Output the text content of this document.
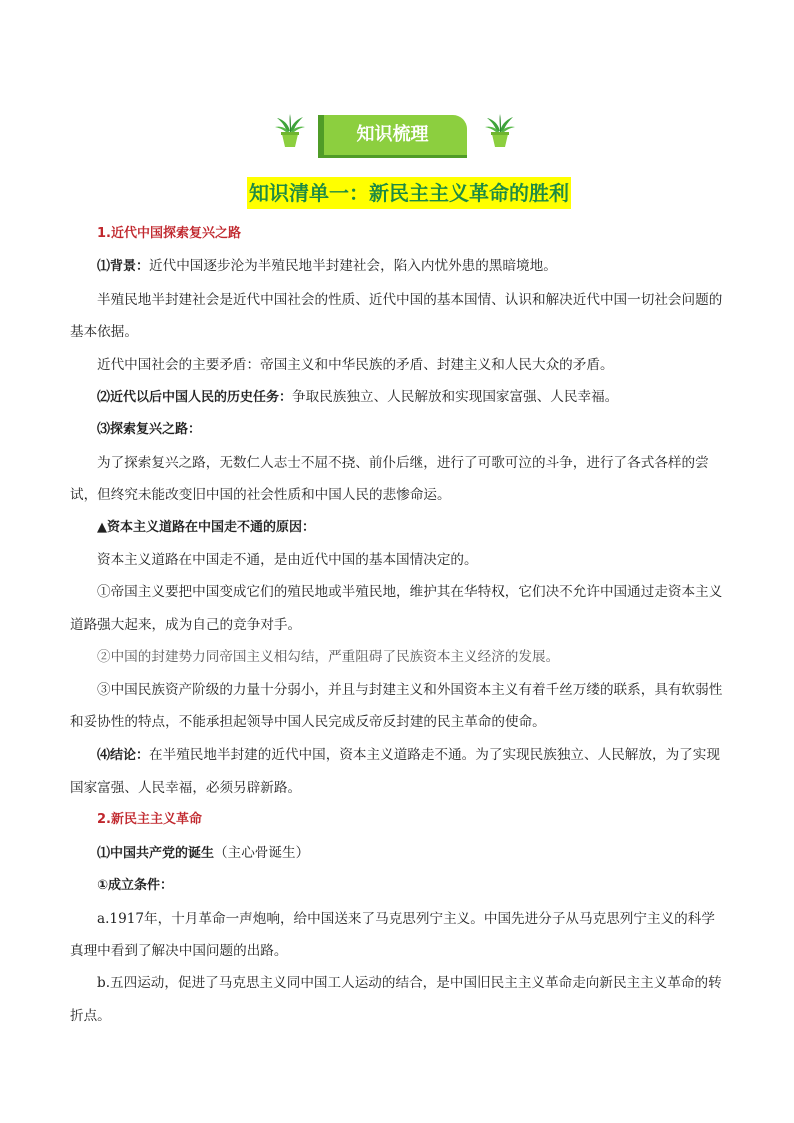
知识梳理
知识清单一：新民主主义革命的胜利

1.近代中国探索复兴之路

⑴背景：近代中国逐步沦为半殖民地半封建社会，陷入内忧外患的黑暗境地。

半殖民地半封建社会是近代中国社会的性质、近代中国的基本国情、认识和解决近代中国一切社会问题的基本依据。

近代中国社会的主要矛盾：帝国主义和中华民族的矛盾、封建主义和人民大众的矛盾。

⑵近代以后中国人民的历史任务：争取民族独立、人民解放和实现国家富强、人民幸福。

⑶探索复兴之路：

为了探索复兴之路，无数仁人志士不屈不挠、前仆后继，进行了可歌可泣的斗争，进行了各式各样的尝试，但终究未能改变旧中国的社会性质和中国人民的悲惨命运。

▲资本主义道路在中国走不通的原因：

资本主义道路在中国走不通，是由近代中国的基本国情决定的。

①帝国主义要把中国变成它们的殖民地或半殖民地，维护其在华特权，它们决不允许中国通过走资本主义道路强大起来，成为自己的竞争对手。

②中国的封建势力同帝国主义相勾结，严重阻碍了民族资本主义经济的发展。

③中国民族资产阶级的力量十分弱小，并且与封建主义和外国资本主义有着千丝万缕的联系，具有软弱性和妥协性的特点，不能承担起领导中国人民完成反帝反封建的民主革命的使命。

⑷结论：在半殖民地半封建的近代中国，资本主义道路走不通。为了实现民族独立、人民解放，为了实现国家富强、人民幸福，必须另辟新路。

2.新民主主义革命

⑴中国共产党的诞生（主心骨诞生）

①成立条件：

a.1917年，十月革命一声炮响，给中国送来了马克思列宁主义。中国先进分子从马克思列宁主义的科学真理中看到了解决中国问题的出路。

b.五四运动，促进了马克思主义同中国工人运动的结合，是中国旧民主主义革命走向新民主主义革命的转折点。
